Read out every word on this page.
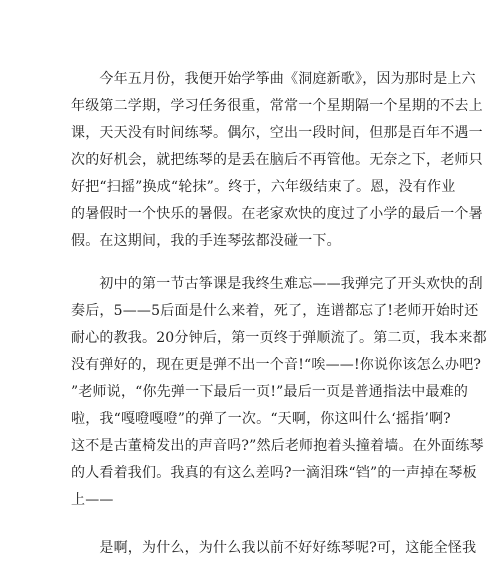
　　今年五月份，我便开始学筝曲《洞庭新歌》，因为那时是上六
年级第二学期，学习任务很重，常常一个星期隔一个星期的不去上
课，天天没有时间练琴。偶尔，空出一段时间，但那是百年不遇一
次的好机会，就把练琴的是丢在脑后不再管他。无奈之下，老师只
好把“扫摇”换成“轮抹”。终于，六年级结束了。恩，没有作业
的暑假时一个快乐的暑假。在老家欢快的度过了小学的最后一个暑
假。在这期间，我的手连琴弦都没碰一下。
　　初中的第一节古筝课是我终生难忘——我弹完了开头欢快的刮
奏后，5——5后面是什么来着，死了，连谱都忘了!老师开始时还
耐心的教我。20分钟后，第一页终于弹顺流了。第二页，我本来都
没有弹好的，现在更是弹不出一个音!“唉——!你说你该怎么办吧?
”老师说，“你先弹一下最后一页!”最后一页是普通指法中最难的
啦，我“嘎噔嘎噔”的弹了一次。“天啊，你这叫什么‘摇指’啊?
这不是古董椅发出的声音吗?”然后老师抱着头撞着墙。在外面练琴
的人看着我们。我真的有这么差吗?一滴泪珠“铛”的一声掉在琴板
上——
　　是啊，为什么，为什么我以前不好好练琴呢?可，这能全怪我
